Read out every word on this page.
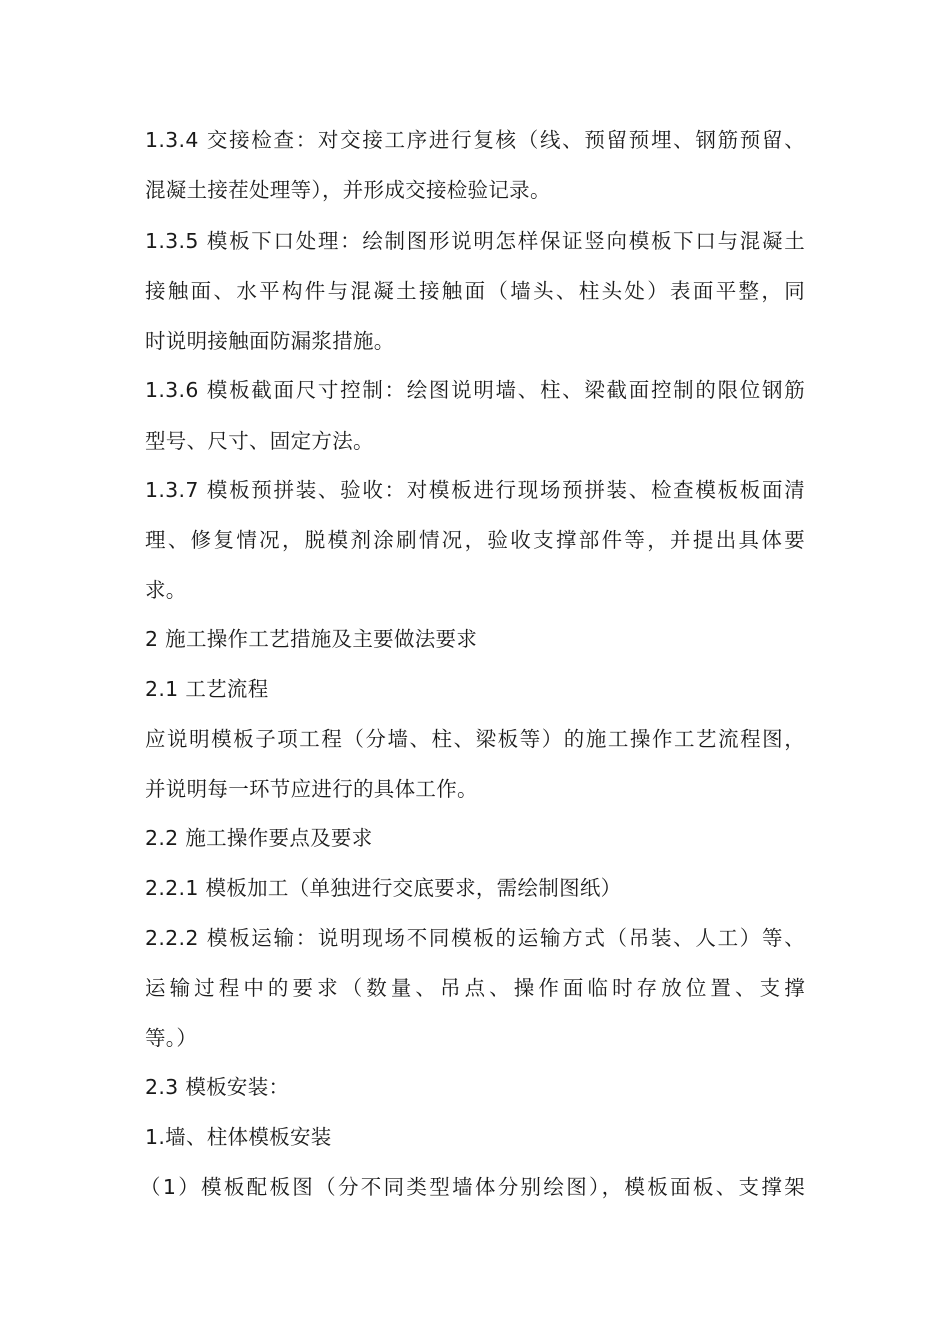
1.3.4 交接检查：对交接工序进行复核（线、预留预埋、钢筋预留、
混凝土接茬处理等），并形成交接检验记录。
1.3.5 模板下口处理：绘制图形说明怎样保证竖向模板下口与混凝土
接触面、水平构件与混凝土接触面（墙头、柱头处）表面平整，同
时说明接触面防漏浆措施。
1.3.6 模板截面尺寸控制：绘图说明墙、柱、梁截面控制的限位钢筋
型号、尺寸、固定方法。
1.3.7 模板预拼装、验收：对模板进行现场预拼装、检查模板板面清
理、修复情况，脱模剂涂刷情况，验收支撑部件等，并提出具体要
求。
2 施工操作工艺措施及主要做法要求
2.1 工艺流程
应说明模板子项工程（分墙、柱、梁板等）的施工操作工艺流程图，
并说明每一环节应进行的具体工作。
2.2 施工操作要点及要求
2.2.1 模板加工（单独进行交底要求，需绘制图纸）
2.2.2 模板运输：说明现场不同模板的运输方式（吊装、人工）等、
运输过程中的要求（数量、吊点、操作面临时存放位置、支撑
等。）
2.3 模板安装：
1.墙、柱体模板安装
（1）模板配板图（分不同类型墙体分别绘图），模板面板、支撑架
